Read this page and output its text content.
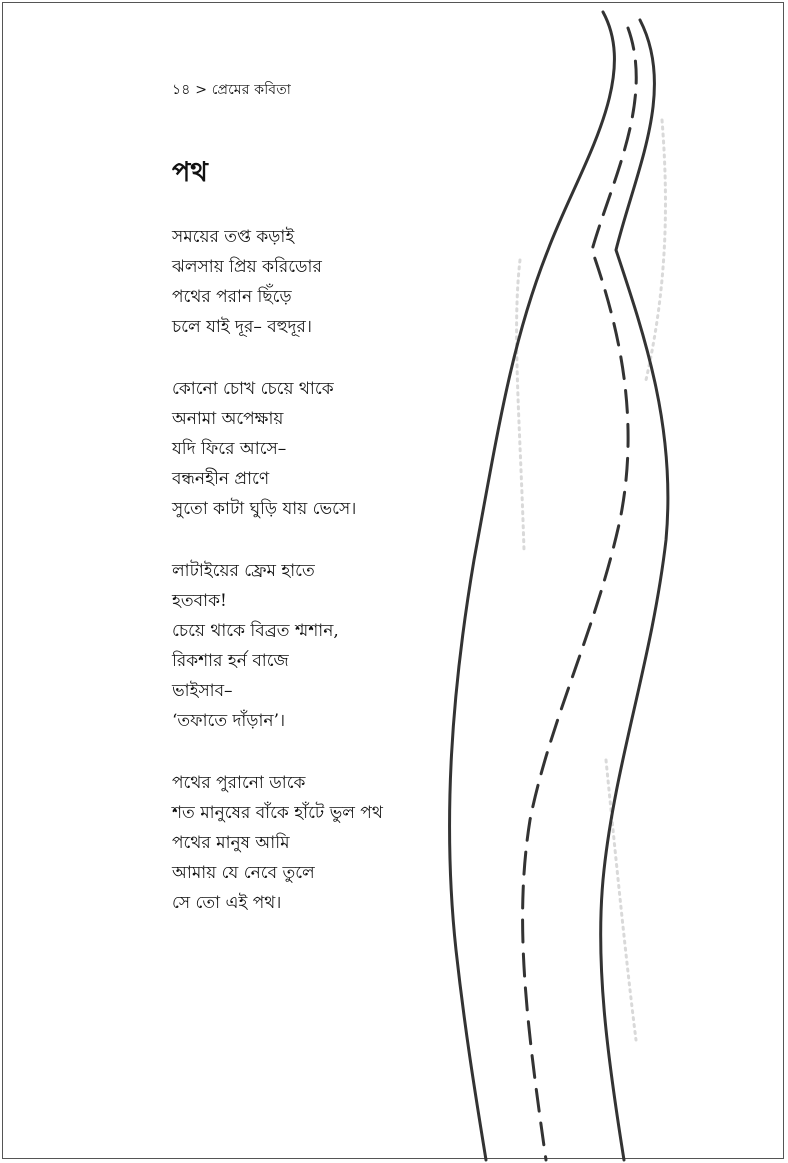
১৪ > প্রেমের কবিতা
পথ
সময়ের তপ্ত কড়াই
ঝলসায় প্রিয় করিডোর
পথের পরান ছিঁড়ে
চলে যাই দূর– বহুদূর।
কোনো চোখ চেয়ে থাকে
অনামা অপেক্ষায়
যদি ফিরে আসে–
বন্ধনহীন প্রাণে
সুতো কাটা ঘুড়ি যায় ভেসে।
লাটাইয়ের ফ্রেম হাতে
হতবাক!
চেয়ে থাকে বিব্রত শ্মশান,
রিকশার হর্ন বাজে
ভাইসাব–
‘তফাতে দাঁড়ান’।
পথের পুরানো ডাকে
শত মানুষের বাঁকে হাঁটে ভুল পথ
পথের মানুষ আমি
আমায় যে নেবে তুলে
সে তো এই পথ।
